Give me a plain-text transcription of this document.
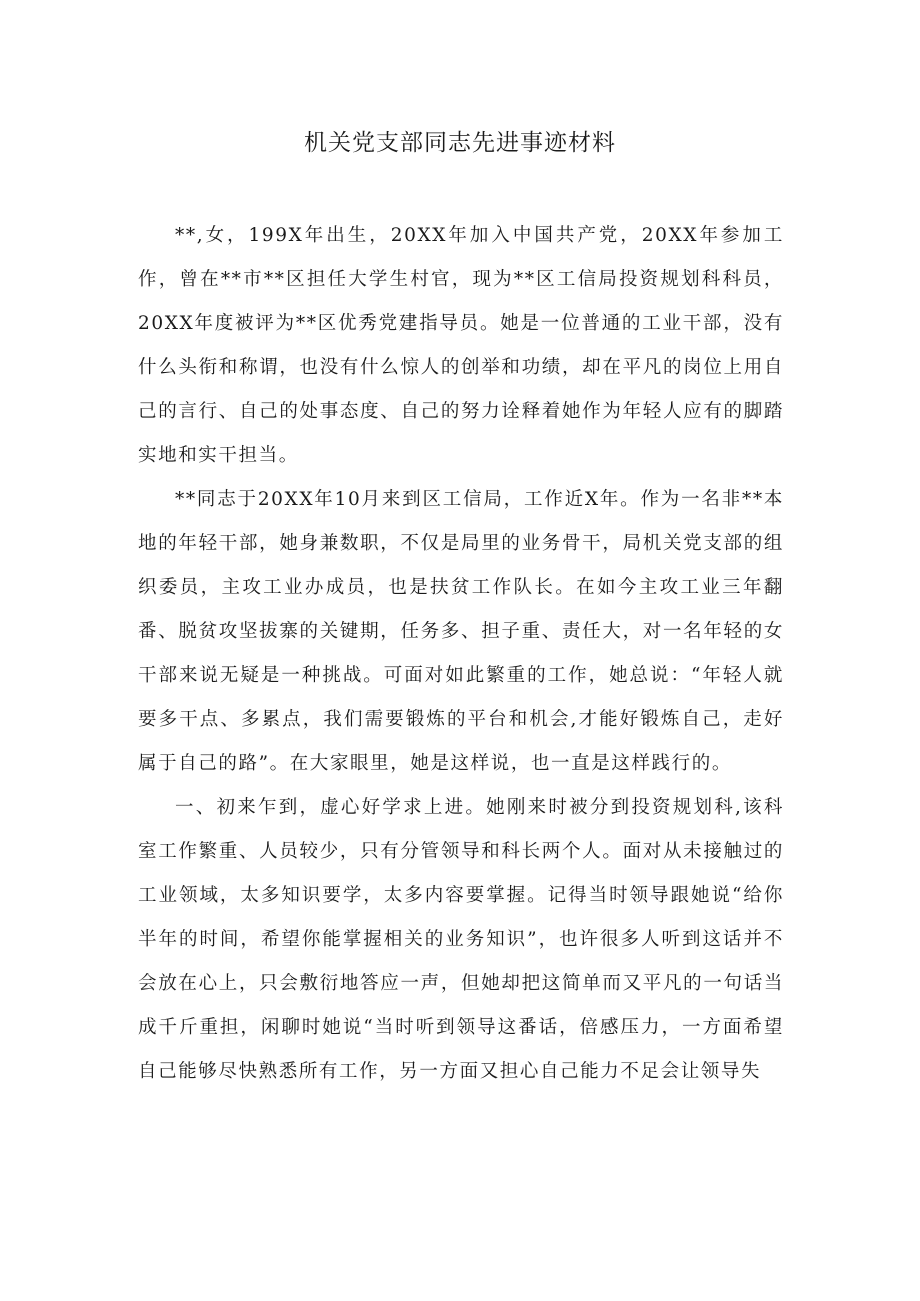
机关党支部同志先进事迹材料

**,女，199X年出生，20XX年加入中国共产党，20XX年参加工作，曾在**市**区担任大学生村官，现为**区工信局投资规划科科员，20XX年度被评为**区优秀党建指导员。她是一位普通的工业干部，没有什么头衔和称谓，也没有什么惊人的创举和功绩，却在平凡的岗位上用自己的言行、自己的处事态度、自己的努力诠释着她作为年轻人应有的脚踏实地和实干担当。

**同志于20XX年10月来到区工信局，工作近X年。作为一名非**本地的年轻干部，她身兼数职，不仅是局里的业务骨干，局机关党支部的组织委员，主攻工业办成员，也是扶贫工作队长。在如今主攻工业三年翻番、脱贫攻坚拔寨的关键期，任务多、担子重、责任大，对一名年轻的女干部来说无疑是一种挑战。可面对如此繁重的工作，她总说：“年轻人就要多干点、多累点，我们需要锻炼的平台和机会,才能好锻炼自己，走好属于自己的路”。在大家眼里，她是这样说，也一直是这样践行的。

一、初来乍到，虚心好学求上进。她刚来时被分到投资规划科,该科室工作繁重、人员较少，只有分管领导和科长两个人。面对从未接触过的工业领域，太多知识要学，太多内容要掌握。记得当时领导跟她说“给你半年的时间，希望你能掌握相关的业务知识”，也许很多人听到这话并不会放在心上，只会敷衍地答应一声，但她却把这简单而又平凡的一句话当成千斤重担，闲聊时她说“当时听到领导这番话，倍感压力，一方面希望自己能够尽快熟悉所有工作，另一方面又担心自己能力不足会让领导失
